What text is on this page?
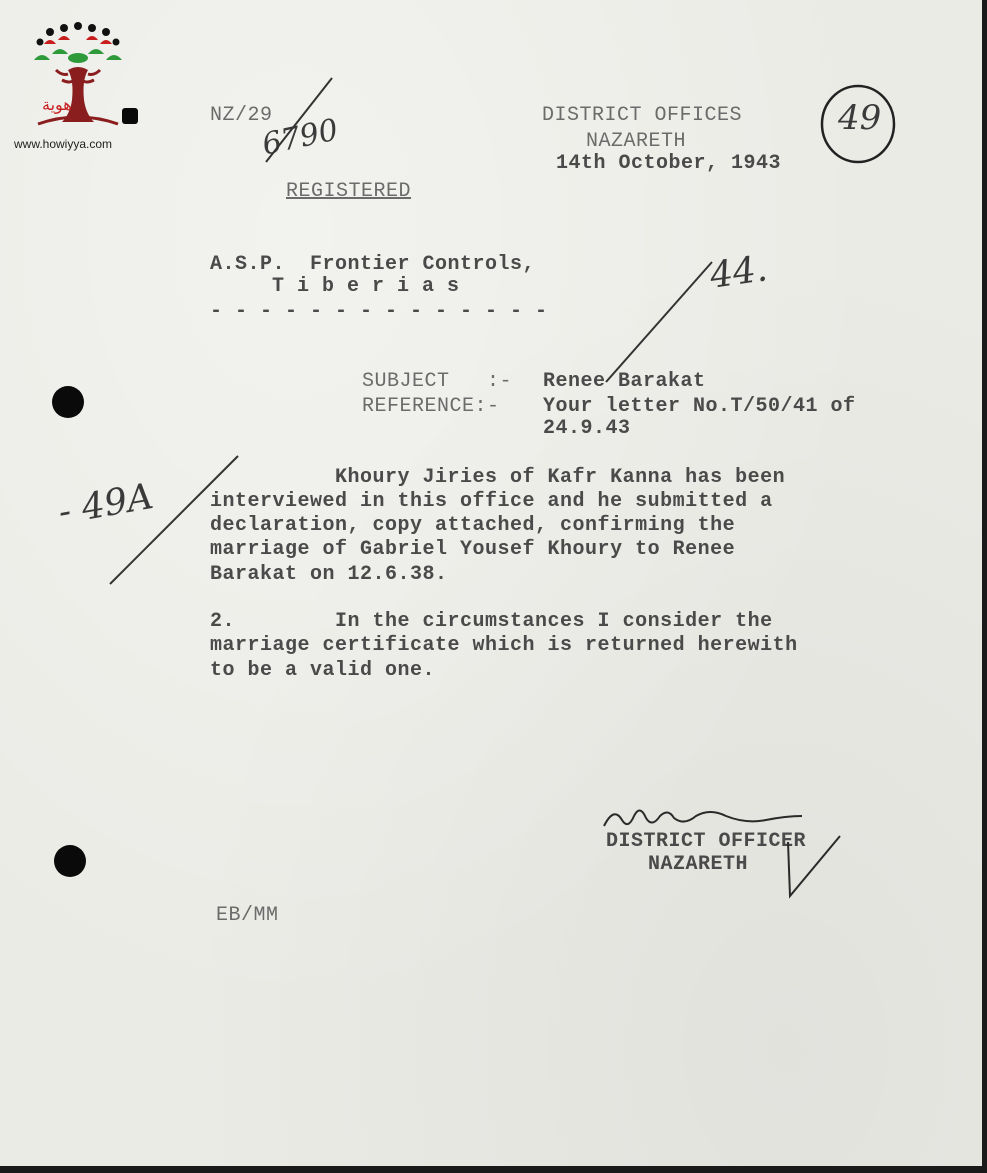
هوية
www.howiyya.com
NZ/29	DISTRICT OFFICES
NAZARETH
14th October, 1943
REGISTERED
6790	49
44.
- 49A
A.S.P.  Frontier Controls,
T i b e r i a s
- - - - - - - - - - - - - -
SUBJECT   :- Renee Barakat
REFERENCE:- Your letter No.T/50/41 of
24.9.43
Khoury Jiries of Kafr Kanna has been
interviewed in this office and he submitted a
declaration, copy attached, confirming the
marriage of Gabriel Yousef Khoury to Renee
Barakat on 12.6.38.
2.        In the circumstances I consider the
marriage certificate which is returned herewith
to be a valid one.
DISTRICT OFFICER
NAZARETH
EB/MM
